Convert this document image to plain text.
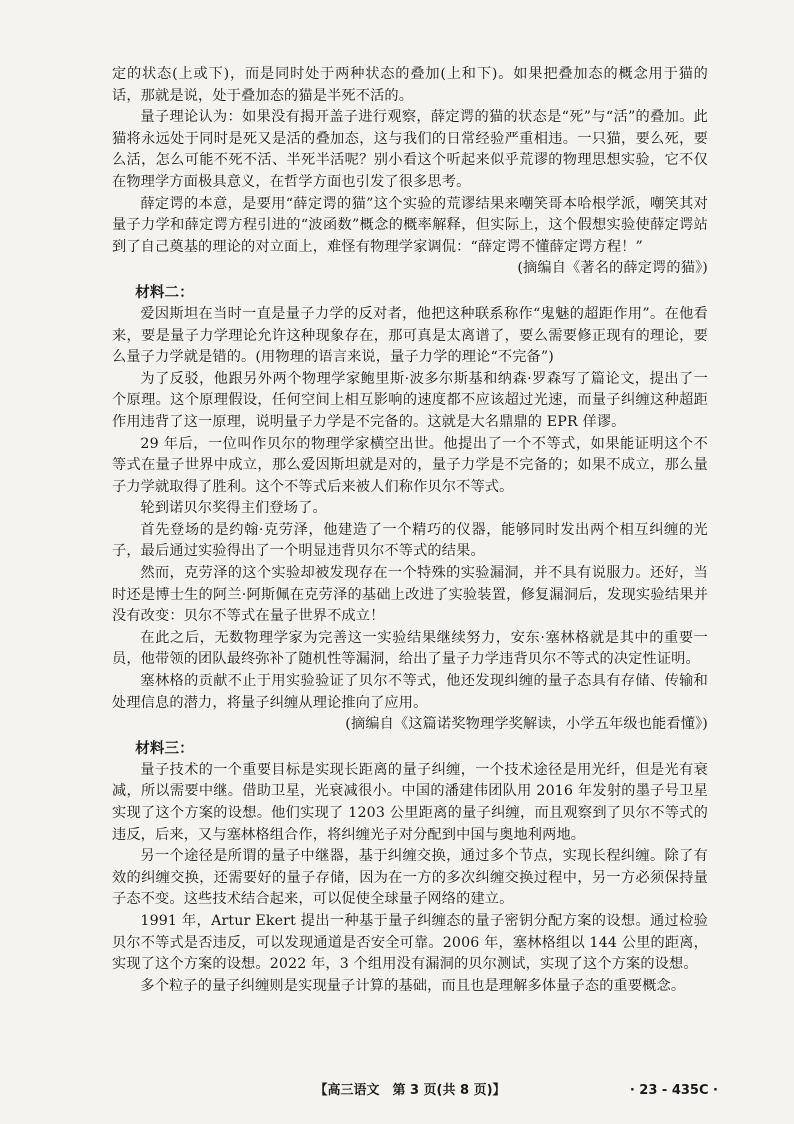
定的状态(上或下)，而是同时处于两种状态的叠加(上和下)。如果把叠加态的概念用于猫的话，那就是说，处于叠加态的猫是半死不活的。

量子理论认为：如果没有揭开盖子进行观察，薛定谔的猫的状态是“死”与“活”的叠加。此猫将永远处于同时是死又是活的叠加态，这与我们的日常经验严重相违。一只猫，要么死，要么活，怎么可能不死不活、半死半活呢？别小看这个听起来似乎荒谬的物理思想实验，它不仅在物理学方面极具意义，在哲学方面也引发了很多思考。

薛定谔的本意，是要用“薛定谔的猫”这个实验的荒谬结果来嘲笑哥本哈根学派，嘲笑其对量子力学和薛定谔方程引进的“波函数”概念的概率解释，但实际上，这个假想实验使薛定谔站到了自己奠基的理论的对立面上，难怪有物理学家调侃：“薛定谔不懂薛定谔方程！”

(摘编自《著名的薛定谔的猫》)

材料二：

爱因斯坦在当时一直是量子力学的反对者，他把这种联系称作“鬼魅的超距作用”。在他看来，要是量子力学理论允许这种现象存在，那可真是太离谱了，要么需要修正现有的理论，要么量子力学就是错的。(用物理的语言来说，量子力学的理论“不完备”)

为了反驳，他跟另外两个物理学家鲍里斯·波多尔斯基和纳森·罗森写了篇论文，提出了一个原理。这个原理假设，任何空间上相互影响的速度都不应该超过光速，而量子纠缠这种超距作用违背了这一原理，说明量子力学是不完备的。这就是大名鼎鼎的 EPR 佯谬。

29 年后，一位叫作贝尔的物理学家横空出世。他提出了一个不等式，如果能证明这个不等式在量子世界中成立，那么爱因斯坦就是对的，量子力学是不完备的；如果不成立，那么量子力学就取得了胜利。这个不等式后来被人们称作贝尔不等式。

轮到诺贝尔奖得主们登场了。

首先登场的是约翰·克劳泽，他建造了一个精巧的仪器，能够同时发出两个相互纠缠的光子，最后通过实验得出了一个明显违背贝尔不等式的结果。

然而，克劳泽的这个实验却被发现存在一个特殊的实验漏洞，并不具有说服力。还好，当时还是博士生的阿兰·阿斯佩在克劳泽的基础上改进了实验装置，修复漏洞后，发现实验结果并没有改变：贝尔不等式在量子世界不成立！

在此之后，无数物理学家为完善这一实验结果继续努力，安东·塞林格就是其中的重要一员，他带领的团队最终弥补了随机性等漏洞，给出了量子力学违背贝尔不等式的决定性证明。

塞林格的贡献不止于用实验验证了贝尔不等式，他还发现纠缠的量子态具有存储、传输和处理信息的潜力，将量子纠缠从理论推向了应用。

(摘编自《这篇诺奖物理学奖解读，小学五年级也能看懂》)

材料三：

量子技术的一个重要目标是实现长距离的量子纠缠，一个技术途径是用光纤，但是光有衰减，所以需要中继。借助卫星，光衰减很小。中国的潘建伟团队用 2016 年发射的墨子号卫星实现了这个方案的设想。他们实现了 1203 公里距离的量子纠缠，而且观察到了贝尔不等式的违反，后来，又与塞林格组合作，将纠缠光子对分配到中国与奥地利两地。

另一个途径是所谓的量子中继器，基于纠缠交换，通过多个节点，实现长程纠缠。除了有效的纠缠交换，还需要好的量子存储，因为在一方的多次纠缠交换过程中，另一方必须保持量子态不变。这些技术结合起来，可以促使全球量子网络的建立。

1991 年，Artur Ekert 提出一种基于量子纠缠态的量子密钥分配方案的设想。通过检验贝尔不等式是否违反，可以发现通道是否安全可靠。2006 年，塞林格组以 144 公里的距离，实现了这个方案的设想。2022 年，3 个组用没有漏洞的贝尔测试，实现了这个方案的设想。

多个粒子的量子纠缠则是实现量子计算的基础，而且也是理解多体量子态的重要概念。

【高三语文　第 3 页(共 8 页)】	· 23 - 435C ·
